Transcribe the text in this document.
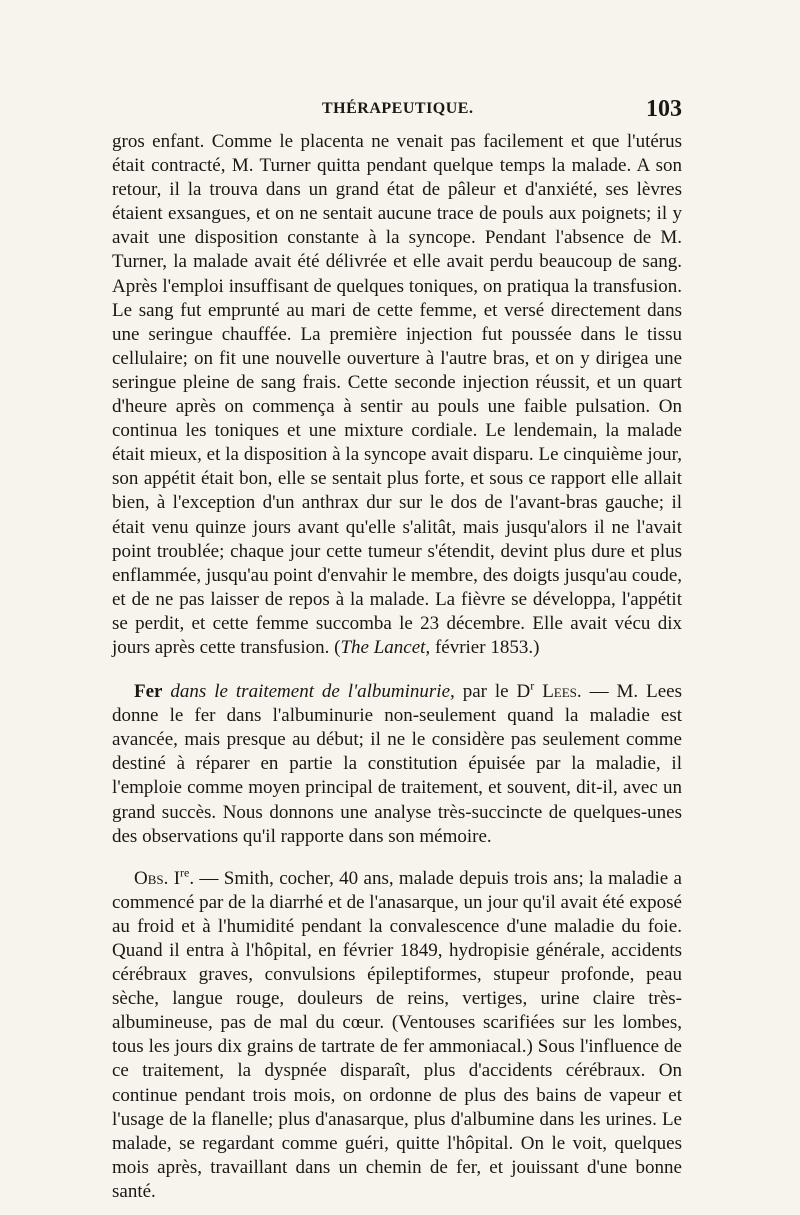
THÉRAPEUTIQUE.	103

gros enfant. Comme le placenta ne venait pas facilement et que l'utérus était contracté, M. Turner quitta pendant quelque temps la malade. A son retour, il la trouva dans un grand état de pâleur et d'anxiété, ses lèvres étaient exsangues, et on ne sentait aucune trace de pouls aux poignets; il y avait une disposition constante à la syncope. Pendant l'absence de M. Turner, la malade avait été délivrée et elle avait perdu beaucoup de sang. Après l'emploi insuffisant de quelques toniques, on pratiqua la transfusion. Le sang fut emprunté au mari de cette femme, et versé directement dans une seringue chauffée. La première injection fut poussée dans le tissu cellulaire; on fit une nouvelle ouverture à l'autre bras, et on y dirigea une seringue pleine de sang frais. Cette seconde injection réussit, et un quart d'heure après on commença à sentir au pouls une faible pulsation. On continua les toniques et une mixture cordiale. Le lendemain, la malade était mieux, et la disposition à la syncope avait disparu. Le cinquième jour, son appétit était bon, elle se sentait plus forte, et sous ce rapport elle allait bien, à l'exception d'un anthrax dur sur le dos de l'avant-bras gauche; il était venu quinze jours avant qu'elle s'alitât, mais jusqu'alors il ne l'avait point troublée; chaque jour cette tumeur s'étendit, devint plus dure et plus enflammée, jusqu'au point d'envahir le membre, des doigts jusqu'au coude, et de ne pas laisser de repos à la malade. La fièvre se développa, l'appétit se perdit, et cette femme succomba le 23 décembre. Elle avait vécu dix jours après cette transfusion. (The Lancet, février 1853.)

Fer dans le traitement de l'albuminurie, par le $D^r$ Lees. — M. Lees donne le fer dans l'albuminurie non-seulement quand la maladie est avancée, mais presque au début; il ne le considère pas seulement comme destiné à réparer en partie la constitution épuisée par la maladie, il l'emploie comme moyen principal de traitement, et souvent, dit-il, avec un grand succès. Nous donnons une analyse très-succincte de quelques-unes des observations qu'il rapporte dans son mémoire.

Obs. Ire. — Smith, cocher, 40 ans, malade depuis trois ans; la maladie a commencé par de la diarrhé et de l'anasarque, un jour qu'il avait été exposé au froid et à l'humidité pendant la convalescence d'une maladie du foie. Quand il entra à l'hôpital, en février 1849, hydropisie générale, accidents cérébraux graves, convulsions épileptiformes, stupeur profonde, peau sèche, langue rouge, douleurs de reins, vertiges, urine claire très-albumineuse, pas de mal du cœur. (Ventouses scarifiées sur les lombes, tous les jours dix grains de tartrate de fer ammoniacal.) Sous l'influence de ce traitement, la dyspnée disparaît, plus d'accidents cérébraux. On continue pendant trois mois, on ordonne de plus des bains de vapeur et l'usage de la flanelle; plus d'anasarque, plus d'albumine dans les urines. Le malade, se regardant comme guéri, quitte l'hôpital. On le voit, quelques mois après, travaillant dans un chemin de fer, et jouissant d'une bonne santé.
